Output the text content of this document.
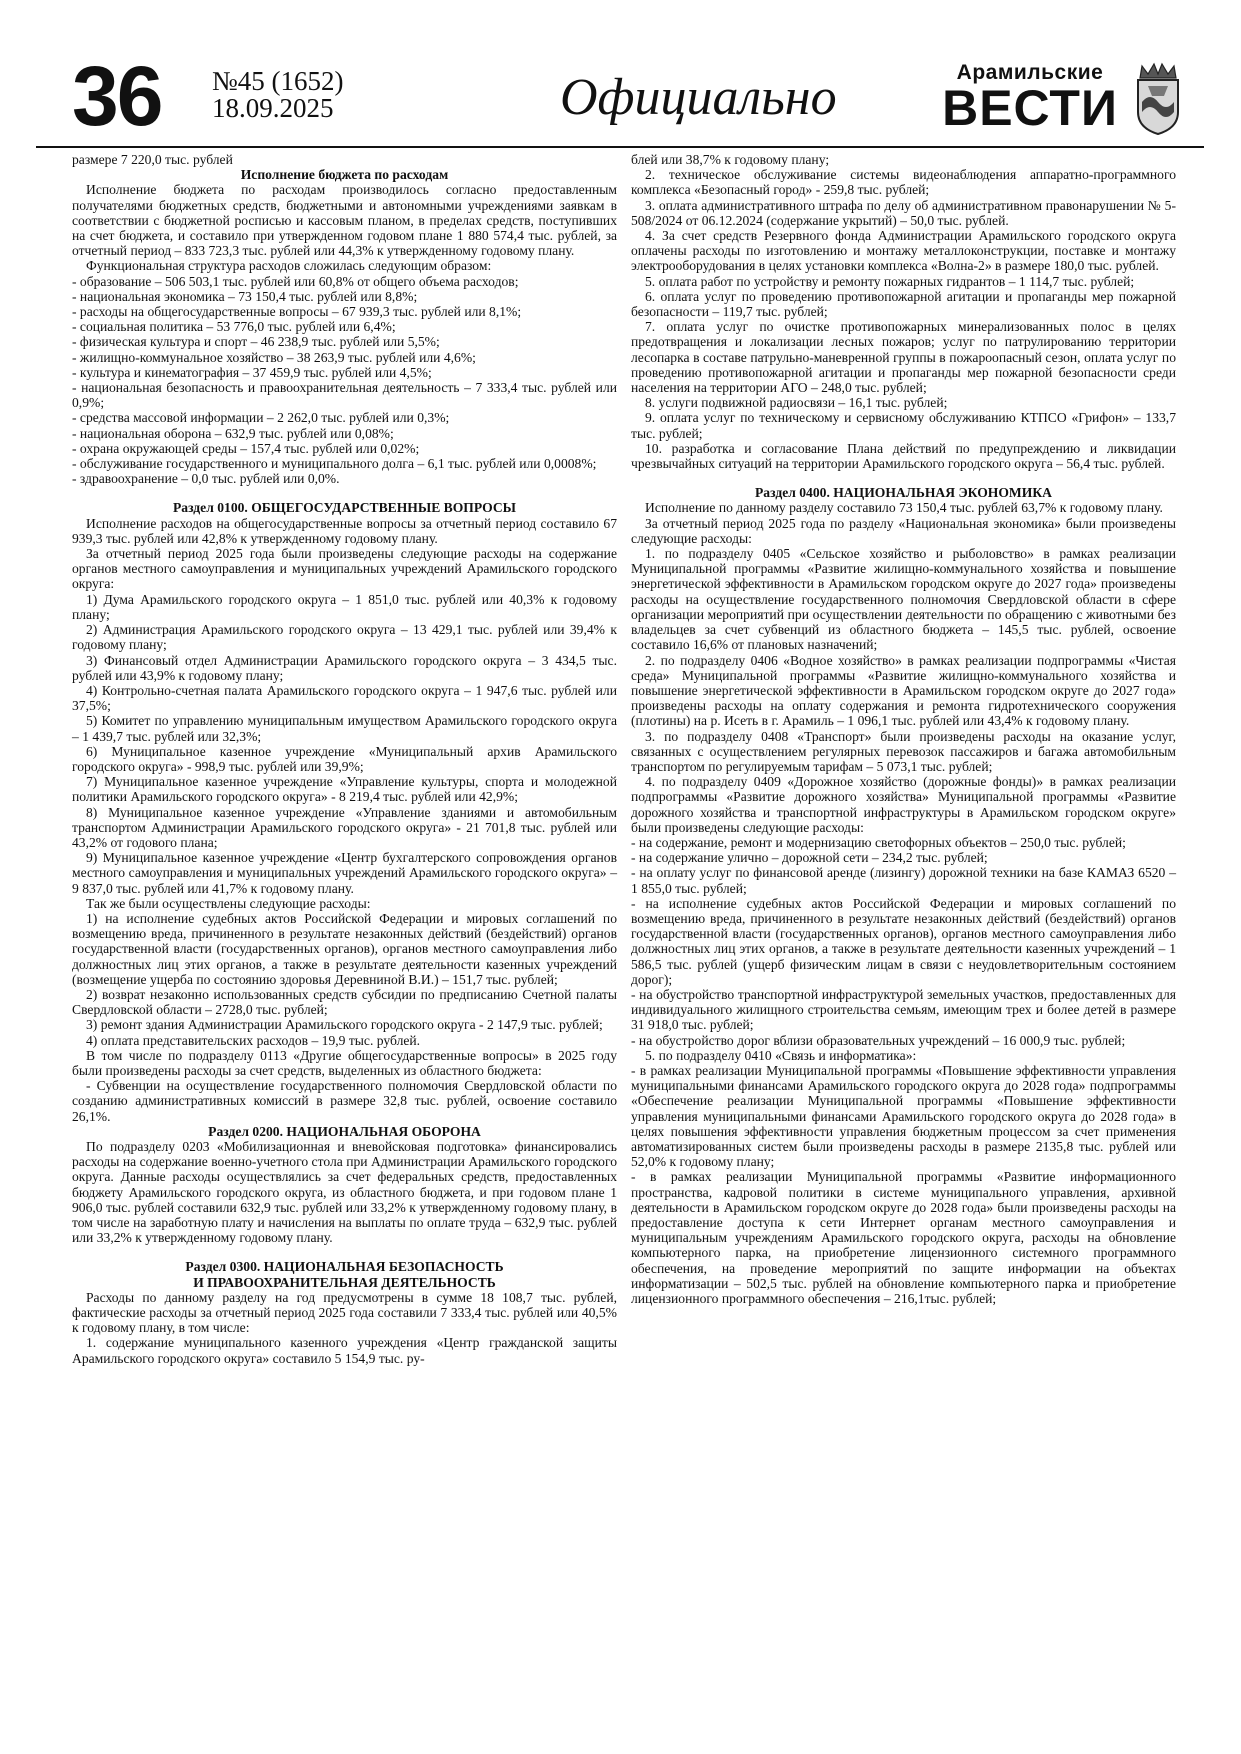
36 №45 (1652)
18.09.2025	Официально	Арамильские
ВЕСТИ

размере 7 220,0 тыс. рублей

Исполнение бюджета по расходам

Исполнение бюджета по расходам производилось согласно предоставленным получателями бюджетных средств, бюджетными и автономными учреждениями заявкам в соответствии с бюджетной росписью и кассовым планом, в пределах средств, поступивших на счет бюджета, и составило при утвержденном годовом плане 1 880 574,4 тыс. рублей, за отчетный период – 833 723,3 тыс. рублей или 44,3% к утвержденному годовому плану.

Функциональная структура расходов сложилась следующим образом:

- образование – 506 503,1 тыс. рублей или 60,8% от общего объема расходов;

- национальная экономика – 73 150,4 тыс. рублей или 8,8%;

- расходы на общегосударственные вопросы – 67 939,3 тыс. рублей или 8,1%;

- социальная политика – 53 776,0 тыс. рублей или 6,4%;

- физическая культура и спорт – 46 238,9 тыс. рублей или 5,5%;

- жилищно-коммунальное хозяйство – 38 263,9 тыс. рублей или 4,6%;

- культура и кинематография – 37 459,9 тыс. рублей или 4,5%;

- национальная безопасность и правоохранительная деятельность – 7 333,4 тыс. рублей или 0,9%;

- средства массовой информации – 2 262,0 тыс. рублей или 0,3%;

- национальная оборона – 632,9 тыс. рублей или 0,08%;

- охрана окружающей среды – 157,4 тыс. рублей или 0,02%;

- обслуживание государственного и муниципального долга – 6,1 тыс. рублей или 0,0008%;

- здравоохранение – 0,0 тыс. рублей или 0,0%.

Раздел 0100. ОБЩЕГОСУДАРСТВЕННЫЕ ВОПРОСЫ

Исполнение расходов на общегосударственные вопросы за отчетный период составило 67 939,3 тыс. рублей или 42,8% к утвержденному годовому плану.

За отчетный период 2025 года были произведены следующие расходы на содержание органов местного самоуправления и муниципальных учреждений Арамильского городского округа:

1) Дума Арамильского городского округа – 1 851,0 тыс. рублей или 40,3% к годовому плану;

2) Администрация Арамильского городского округа – 13 429,1 тыс. рублей или 39,4% к годовому плану;

3) Финансовый отдел Администрации Арамильского городского округа – 3 434,5 тыс. рублей или 43,9% к годовому плану;

4) Контрольно-счетная палата Арамильского городского округа – 1 947,6 тыс. рублей или 37,5%;

5) Комитет по управлению муниципальным имуществом Арамильского городского округа – 1 439,7 тыс. рублей или 32,3%;

6) Муниципальное казенное учреждение «Муниципальный архив Арамильского городского округа» - 998,9 тыс. рублей или 39,9%;

7) Муниципальное казенное учреждение «Управление культуры, спорта и молодежной политики Арамильского городского округа» - 8 219,4 тыс. рублей или 42,9%;

8) Муниципальное казенное учреждение «Управление зданиями и автомобильным транспортом Администрации Арамильского городского округа» - 21 701,8 тыс. рублей или 43,2% от годового плана;

9) Муниципальное казенное учреждение «Центр бухгалтерского сопровождения органов местного самоуправления и муниципальных учреждений Арамильского городского округа» – 9 837,0 тыс. рублей или 41,7% к годовому плану.

Так же были осуществлены следующие расходы:

1) на исполнение судебных актов Российской Федерации и мировых соглашений по возмещению вреда, причиненного в результате незаконных действий (бездействий) органов государственной власти (государственных органов), органов местного самоуправления либо должностных лиц этих органов, а также в результате деятельности казенных учреждений (возмещение ущерба по состоянию здоровья Деревниной В.И.) – 151,7 тыс. рублей;

2) возврат незаконно использованных средств субсидии по предписанию Счетной палаты Свердловской области – 2728,0 тыс. рублей;

3) ремонт здания Администрации Арамильского городского округа - 2 147,9 тыс. рублей;

4) оплата представительских расходов – 19,9 тыс. рублей.

В том числе по подразделу 0113 «Другие общегосударственные вопросы» в 2025 году были произведены расходы за счет средств, выделенных из областного бюджета:

- Субвенции на осуществление государственного полномочия Свердловской области по созданию административных комиссий в размере 32,8 тыс. рублей, освоение составило 26,1%.

Раздел 0200. НАЦИОНАЛЬНАЯ ОБОРОНА

По подразделу 0203 «Мобилизационная и вневойсковая подготовка» финансировались расходы на содержание военно-учетного стола при Администрации Арамильского городского округа. Данные расходы осуществлялись за счет федеральных средств, предоставленных бюджету Арамильского городского округа, из областного бюджета, и при годовом плане 1 906,0 тыс. рублей составили 632,9 тыс. рублей или 33,2% к утвержденному годовому плану, в том числе на заработную плату и начисления на выплаты по оплате труда – 632,9 тыс. рублей или 33,2% к утвержденному годовому плану.

Раздел 0300. НАЦИОНАЛЬНАЯ БЕЗОПАСНОСТЬ
И ПРАВООХРАНИТЕЛЬНАЯ ДЕЯТЕЛЬНОСТЬ

Расходы по данному разделу на год предусмотрены в сумме 18 108,7 тыс. рублей, фактические расходы за отчетный период 2025 года составили 7 333,4 тыс. рублей или 40,5% к годовому плану, в том числе:

1. содержание муниципального казенного учреждения «Центр гражданской защиты Арамильского городского округа» составило 5 154,9 тыс. ру-

блей или 38,7% к годовому плану;

2. техническое обслуживание системы видеонаблюдения аппаратно-программного комплекса «Безопасный город» - 259,8 тыс. рублей;

3. оплата административного штрафа по делу об административном правонарушении № 5-508/2024 от 06.12.2024 (содержание укрытий) – 50,0 тыс. рублей.

4. За счет средств Резервного фонда Администрации Арамильского городского округа оплачены расходы по изготовлению и монтажу металлоконструкции, поставке и монтажу электрооборудования в целях установки комплекса «Волна-2» в размере 180,0 тыс. рублей.

5. оплата работ по устройству и ремонту пожарных гидрантов – 1 114,7 тыс. рублей;

6. оплата услуг по проведению противопожарной агитации и пропаганды мер пожарной безопасности – 119,7 тыс. рублей;

7. оплата услуг по очистке противопожарных минерализованных полос в целях предотвращения и локализации лесных пожаров; услуг по патрулированию территории лесопарка в составе патрульно-маневренной группы в пожароопасный сезон, оплата услуг по проведению противопожарной агитации и пропаганды мер пожарной безопасности среди населения на территории АГО – 248,0 тыс. рублей;

8. услуги подвижной радиосвязи – 16,1 тыс. рублей;

9. оплата услуг по техническому и сервисному обслуживанию КТПСО «Грифон» – 133,7 тыс. рублей;

10. разработка и согласование Плана действий по предупреждению и ликвидации чрезвычайных ситуаций на территории Арамильского городского округа – 56,4 тыс. рублей.

Раздел 0400. НАЦИОНАЛЬНАЯ ЭКОНОМИКА

Исполнение по данному разделу составило 73 150,4 тыс. рублей 63,7% к годовому плану.

За отчетный период 2025 года по разделу «Национальная экономика» были произведены следующие расходы:

1. по подразделу 0405 «Сельское хозяйство и рыболовство» в рамках реализации Муниципальной программы «Развитие жилищно-коммунального хозяйства и повышение энергетической эффективности в Арамильском городском округе до 2027 года» произведены расходы на осуществление государственного полномочия Свердловской области в сфере организации мероприятий при осуществлении деятельности по обращению с животными без владельцев за счет субвенций из областного бюджета – 145,5 тыс. рублей, освоение составило 16,6% от плановых назначений;

2. по подразделу 0406 «Водное хозяйство» в рамках реализации подпрограммы «Чистая среда» Муниципальной программы «Развитие жилищно-коммунального хозяйства и повышение энергетической эффективности в Арамильском городском округе до 2027 года» произведены расходы на оплату содержания и ремонта гидротехнического сооружения (плотины) на р. Исеть в г. Арамиль – 1 096,1 тыс. рублей или 43,4% к годовому плану.

3. по подразделу 0408 «Транспорт» были произведены расходы на оказание услуг, связанных с осуществлением регулярных перевозок пассажиров и багажа автомобильным транспортом по регулируемым тарифам – 5 073,1 тыс. рублей;

4. по подразделу 0409 «Дорожное хозяйство (дорожные фонды)» в рамках реализации подпрограммы «Развитие дорожного хозяйства» Муниципальной программы «Развитие дорожного хозяйства и транспортной инфраструктуры в Арамильском городском округе» были произведены следующие расходы:

- на содержание, ремонт и модернизацию светофорных объектов – 250,0 тыс. рублей;

- на содержание улично – дорожной сети – 234,2 тыс. рублей;

- на оплату услуг по финансовой аренде (лизингу) дорожной техники на базе КАМАЗ 6520 – 1 855,0 тыс. рублей;

- на исполнение судебных актов Российской Федерации и мировых соглашений по возмещению вреда, причиненного в результате незаконных действий (бездействий) органов государственной власти (государственных органов), органов местного самоуправления либо должностных лиц этих органов, а также в результате деятельности казенных учреждений – 1 586,5 тыс. рублей (ущерб физическим лицам в связи с неудовлетворительным состоянием дорог);

- на обустройство транспортной инфраструктурой земельных участков, предоставленных для индивидуального жилищного строительства семьям, имеющим трех и более детей в размере 31 918,0 тыс. рублей;

- на обустройство дорог вблизи образовательных учреждений – 16 000,9 тыс. рублей;

5. по подразделу 0410 «Связь и информатика»:

- в рамках реализации Муниципальной программы «Повышение эффективности управления муниципальными финансами Арамильского городского округа до 2028 года» подпрограммы «Обеспечение реализации Муниципальной программы «Повышение эффективности управления муниципальными финансами Арамильского городского округа до 2028 года» в целях повышения эффективности управления бюджетным процессом за счет применения автоматизированных систем были произведены расходы в размере 2135,8 тыс. рублей или 52,0% к годовому плану;

- в рамках реализации Муниципальной программы «Развитие информационного пространства, кадровой политики в системе муниципального управления, архивной деятельности в Арамильском городском округе до 2028 года» были произведены расходы на предоставление доступа к сети Интернет органам местного самоуправления и муниципальным учреждениям Арамильского городского округа, расходы на обновление компьютерного парка, на приобретение лицензионного системного программного обеспечения, на проведение мероприятий по защите информации на объектах информатизации – 502,5 тыс. рублей на обновление компьютерного парка и приобретение лицензионного программного обеспечения – 216,1тыс. рублей;
